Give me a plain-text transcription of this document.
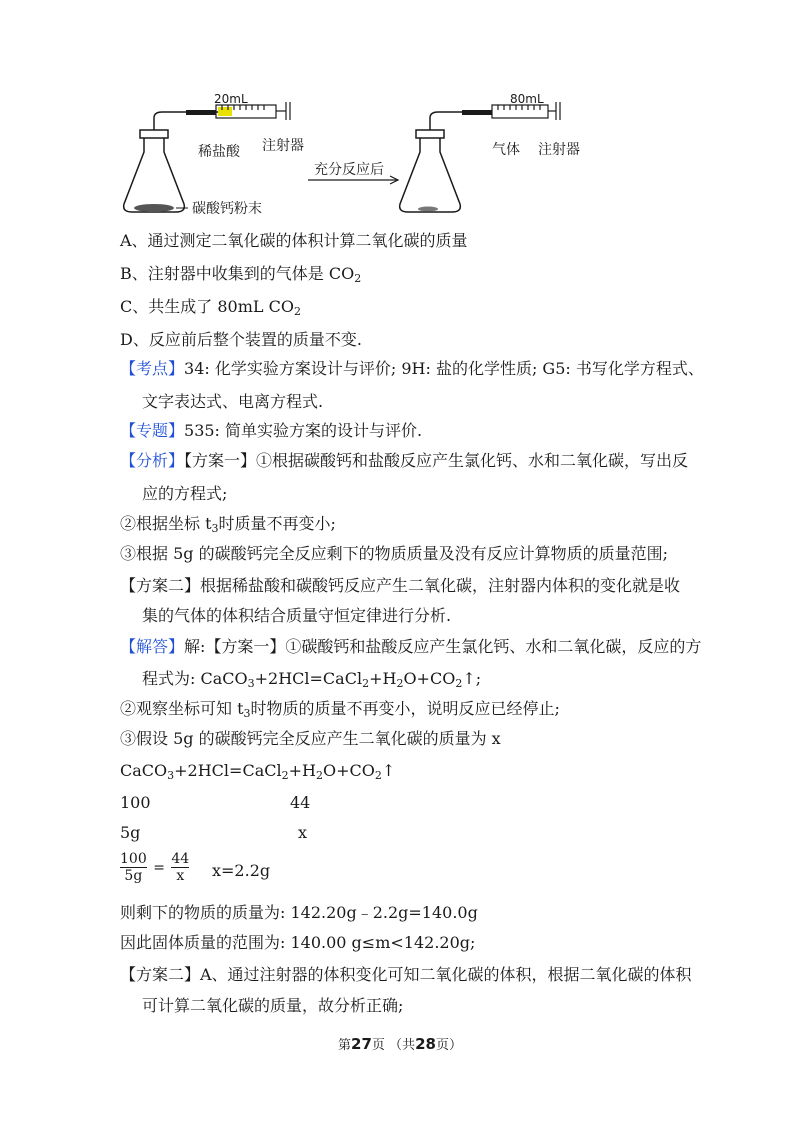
20mL
稀盐酸 注射器
碳酸钙粉末
充分反应后
80mL
气体 注射器
A、通过测定二氧化碳的体积计算二氧化碳的质量
B、注射器中收集到的气体是 $CO_2$
C、共生成了 80mL $CO_2$
D、反应前后整个装置的质量不变.
【考点】34: 化学实验方案设计与评价; 9H: 盐的化学性质; G5: 书写化学方程式、
文字表达式、电离方程式.
【专题】535: 简单实验方案的设计与评价.
【分析】【方案一】①根据碳酸钙和盐酸反应产生氯化钙、水和二氧化碳，写出反
应的方程式;
②根据坐标 $t_3$时质量不再变小;
③根据 5g 的碳酸钙完全反应剩下的物质质量及没有反应计算物质的质量范围;
【方案二】根据稀盐酸和碳酸钙反应产生二氧化碳，注射器内体积的变化就是收
集的气体的体积结合质量守恒定律进行分析.
【解答】解:【方案一】①碳酸钙和盐酸反应产生氯化钙、水和二氧化碳，反应的方
程式为: $CaCO_3+2HCl=CaCl_2+H_2O+CO_2↑$;
②观察坐标可知 $t_3$时物质的质量不再变小，说明反应已经停止;
③假设 5g 的碳酸钙完全反应产生二氧化碳的质量为 x
$CaCO_3+2HCl=CaCl_2+H_2O+CO_2↑$
100	44
5g	x
$\frac{100}{5g} = \frac{44}{x} x=2.2g$
则剩下的物质的质量为: 142.20g﹣2.2g=140.0g
因此固体质量的范围为: 140.00 g≤m<142.20g;
【方案二】A、通过注射器的体积变化可知二氧化碳的体积，根据二氧化碳的体积
可计算二氧化碳的质量，故分析正确;
第27页 （共28页）
